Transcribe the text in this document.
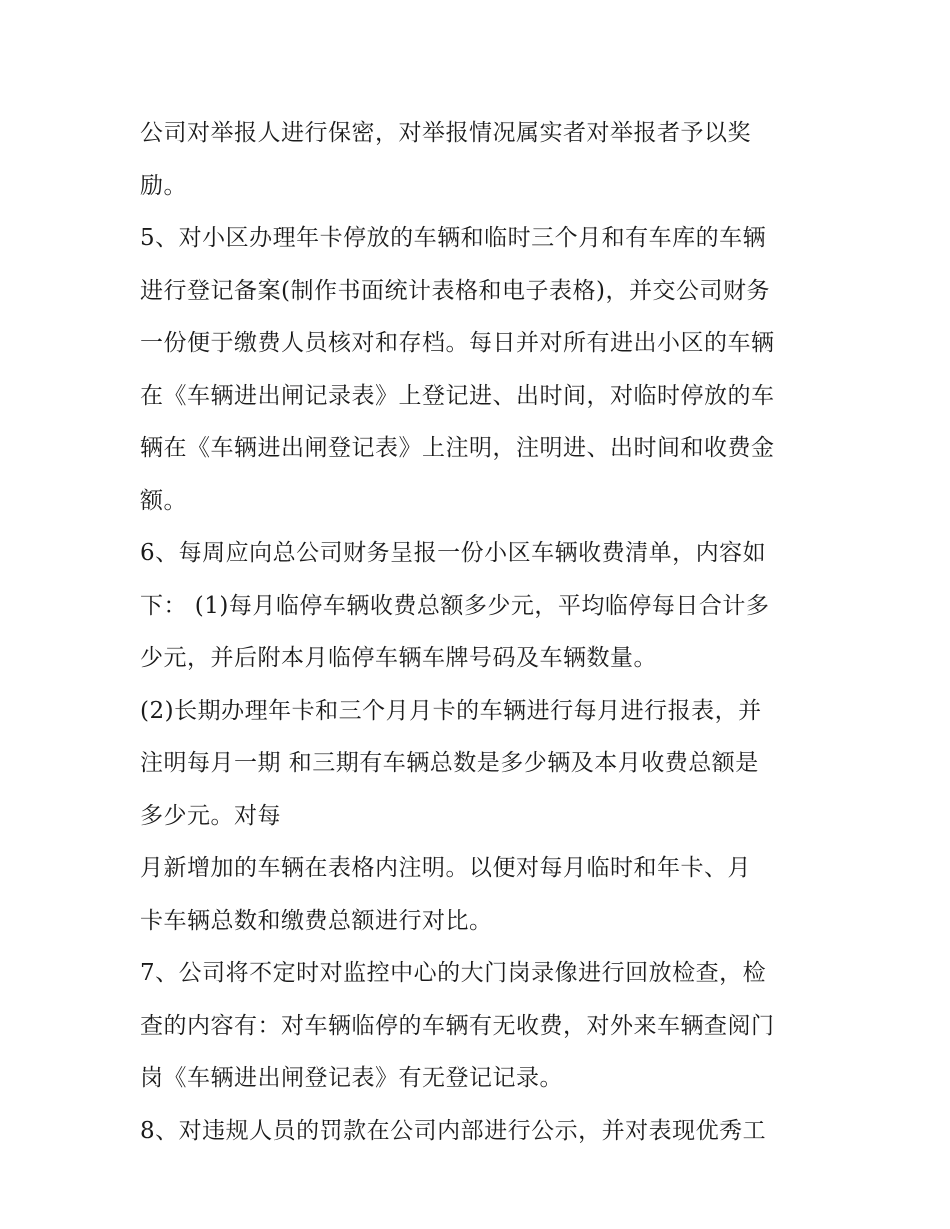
公司对举报人进行保密，对举报情况属实者对举报者予以奖
励。
5、对小区办理年卡停放的车辆和临时三个月和有车库的车辆
进行登记备案(制作书面统计表格和电子表格)，并交公司财务
一份便于缴费人员核对和存档。每日并对所有进出小区的车辆
在《车辆进出闸记录表》上登记进、出时间，对临时停放的车
辆在《车辆进出闸登记表》上注明，注明进、出时间和收费金
额。
6、每周应向总公司财务呈报一份小区车辆收费清单，内容如
下： (1)每月临停车辆收费总额多少元，平均临停每日合计多
少元，并后附本月临停车辆车牌号码及车辆数量。
(2)长期办理年卡和三个月月卡的车辆进行每月进行报表，并
注明每月一期 和三期有车辆总数是多少辆及本月收费总额是
多少元。对每
月新增加的车辆在表格内注明。以便对每月临时和年卡、月
卡车辆总数和缴费总额进行对比。
7、公司将不定时对监控中心的大门岗录像进行回放检查，检
查的内容有：对车辆临停的车辆有无收费，对外来车辆查阅门
岗《车辆进出闸登记表》有无登记记录。
8、对违规人员的罚款在公司内部进行公示，并对表现优秀工
